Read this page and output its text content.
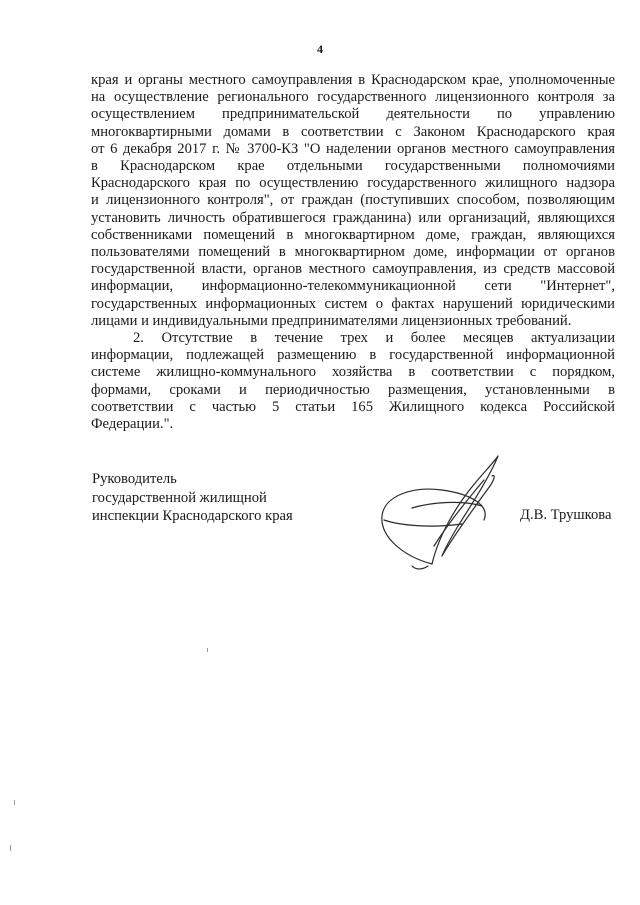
4
края и органы местного самоуправления в Краснодарском крае, уполномоченные
на осуществление регионального государственного лицензионного контроля за
осуществлением предпринимательской деятельности по управлению
многоквартирными домами в соответствии с Законом Краснодарского края
от 6 декабря 2017 г. № 3700-КЗ "О наделении органов местного самоуправления
в Краснодарском крае отдельными государственными полномочиями
Краснодарского края по осуществлению государственного жилищного надзора
и лицензионного контроля", от граждан (поступивших способом, позволяющим
установить личность обратившегося гражданина) или организаций, являющихся
собственниками помещений в многоквартирном доме, граждан, являющихся
пользователями помещений в многоквартирном доме, информации от органов
государственной власти, органов местного самоуправления, из средств массовой
информации, информационно-телекоммуникационной сети "Интернет",
государственных информационных систем о фактах нарушений юридическими
лицами и индивидуальными предпринимателями лицензионных требований.
2. Отсутствие в течение трех и более месяцев актуализации
информации, подлежащей размещению в государственной информационной
системе жилищно-коммунального хозяйства в соответствии с порядком,
формами, сроками и периодичностью размещения, установленными в
соответствии с частью 5 статьи 165 Жилищного кодекса Российской
Федерации.".
Руководитель
государственной жилищной
инспекции Краснодарского края	Д.В. Трушкова
